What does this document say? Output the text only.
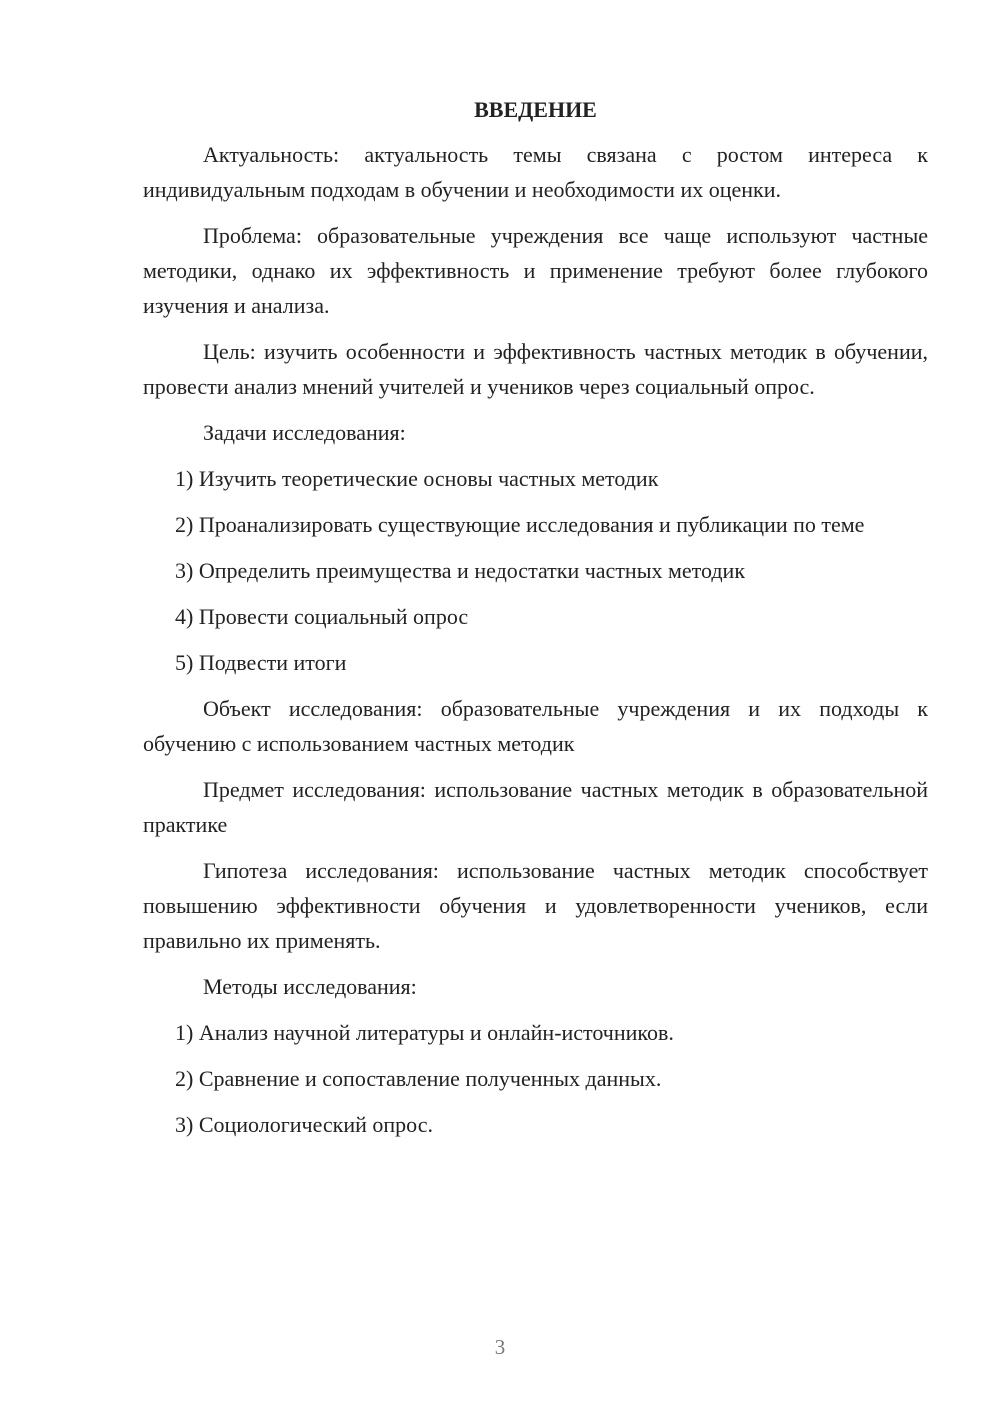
ВВЕДЕНИЕ

Актуальность: актуальность темы связана с ростом интереса к индивидуальным подходам в обучении и необходимости их оценки.

Проблема: образовательные учреждения все чаще используют частные методики, однако их эффективность и применение требуют более глубокого изучения и анализа.

Цель: изучить особенности и эффективность частных методик в обучении, провести анализ мнений учителей и учеников через социальный опрос.

Задачи исследования:

1) Изучить теоретические основы частных методик

2) Проанализировать существующие исследования и публикации по теме

3) Определить преимущества и недостатки частных методик

4) Провести социальный опрос

5) Подвести итоги

Объект исследования: образовательные учреждения и их подходы к обучению с использованием частных методик

Предмет исследования: использование частных методик в образовательной практике

Гипотеза исследования: использование частных методик способствует повышению эффективности обучения и удовлетворенности учеников, если правильно их применять.

Методы исследования:

1) Анализ научной литературы и онлайн-источников.

2) Сравнение и сопоставление полученных данных.

3) Социологический опрос.

3
